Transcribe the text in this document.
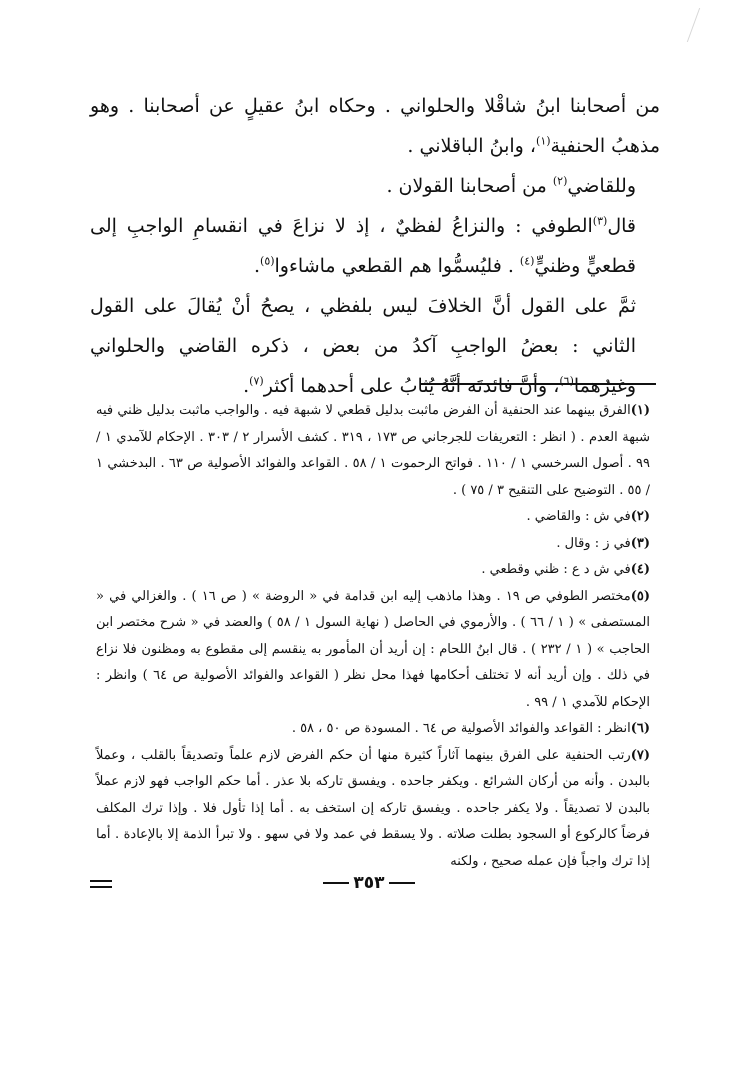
من أصحابنا ابنُ شاقْلا والحلواني . وحكاه ابنُ عقيلٍ عن أصحابنا . وهو مذهبُ الحنفية$^{(١)}$، وابنُ الباقلاني .

وللقاضي$^{(٢)}$ من أصحابنا القولان .

قال$^{(٣)}$الطوفي : والنزاعُ لفظيٌ ، إذ لا نزاعَ في انقسامِ الواجبِ إلى قطعيٍّ وظنيٍّ$^{(٤)}$ . فليُسمُّوا هم القطعي ماشاءوا$^{(٥)}$.

ثمَّ على القول أنَّ الخلافَ ليس بلفظي ، يصحُ أنْ يُقالَ على القول الثاني : بعضُ الواجبِ آكدُ من بعض ، ذكره القاضي والحلواني وغيرُهما$^{(٦)}$، وأنَّ فائدتَه أنَّهُ يُثابُ على أحدهما أكثر$^{(٧)}$.

(١)الفرق بينهما عند الحنفية أن الفرض ماثبت بدليل قطعي لا شبهة فيه . والواجب ماثبت بدليل ظني فيه شبهة العدم . ( انظر : التعريفات للجرجاني ص ١٧٣ ، ٣١٩ . كشف الأسرار ٢ / ٣٠٣ . الإحكام للآمدي ١ / ٩٩ . أصول السرخسي ١ / ١١٠ . فواتح الرحموت ١ / ٥٨ . القواعد والفوائد الأصولية ص ٦٣ . البدخشي ١ / ٥٥ . التوضيح على التنقيح ٣ / ٧٥ ) .

(٢)في ش : والقاضي .

(٣)في ز : وقال .

(٤)في ش د ع : ظني وقطعي .

(٥)مختصر الطوفي ص ١٩ . وهذا ماذهب إليه ابن قدامة في « الروضة » ( ص ١٦ ) . والغزالي في « المستصفى » ( ١ / ٦٦ ) . والأرموي في الحاصل ( نهاية السول ١ / ٥٨ ) والعضد في « شرح مختصر ابن الحاجب » ( ١ / ٢٣٢ ) . قال ابنُ اللحام : إن أريد أن المأمور به ينقسم إلى مقطوع به ومظنون فلا نزاع في ذلك . وإن أريد أنه لا تختلف أحكامها فهذا محل نظر ( القواعد والفوائد الأصولية ص ٦٤ ) وانظر : الإحكام للآمدي ١ / ٩٩ .

(٦)انظر : القواعد والفوائد الأصولية ص ٦٤ . المسودة ص ٥٠ ، ٥٨ .

(٧)رتب الحنفية على الفرق بينهما آثاراً كثيرة منها أن حكم الفرض لازم علماً وتصديقاً بالقلب ، وعملاً بالبدن . وأنه من أركان الشرائع . ويكفر جاحده . ويفسق تاركه بلا عذر . أما حكم الواجب فهو لازم عملاً بالبدن لا تصديقاً . ولا يكفر جاحده . ويفسق تاركه إن استخف به . أما إذا تأول فلا . وإذا ترك المكلف فرضاً كالركوع أو السجود بطلت صلاته . ولا يسقط في عمد ولا في سهو . ولا تبرأ الذمة إلا بالإعادة . أما إذا ترك واجباً فإن عمله صحيح ، ولكنه

٣٥٣
